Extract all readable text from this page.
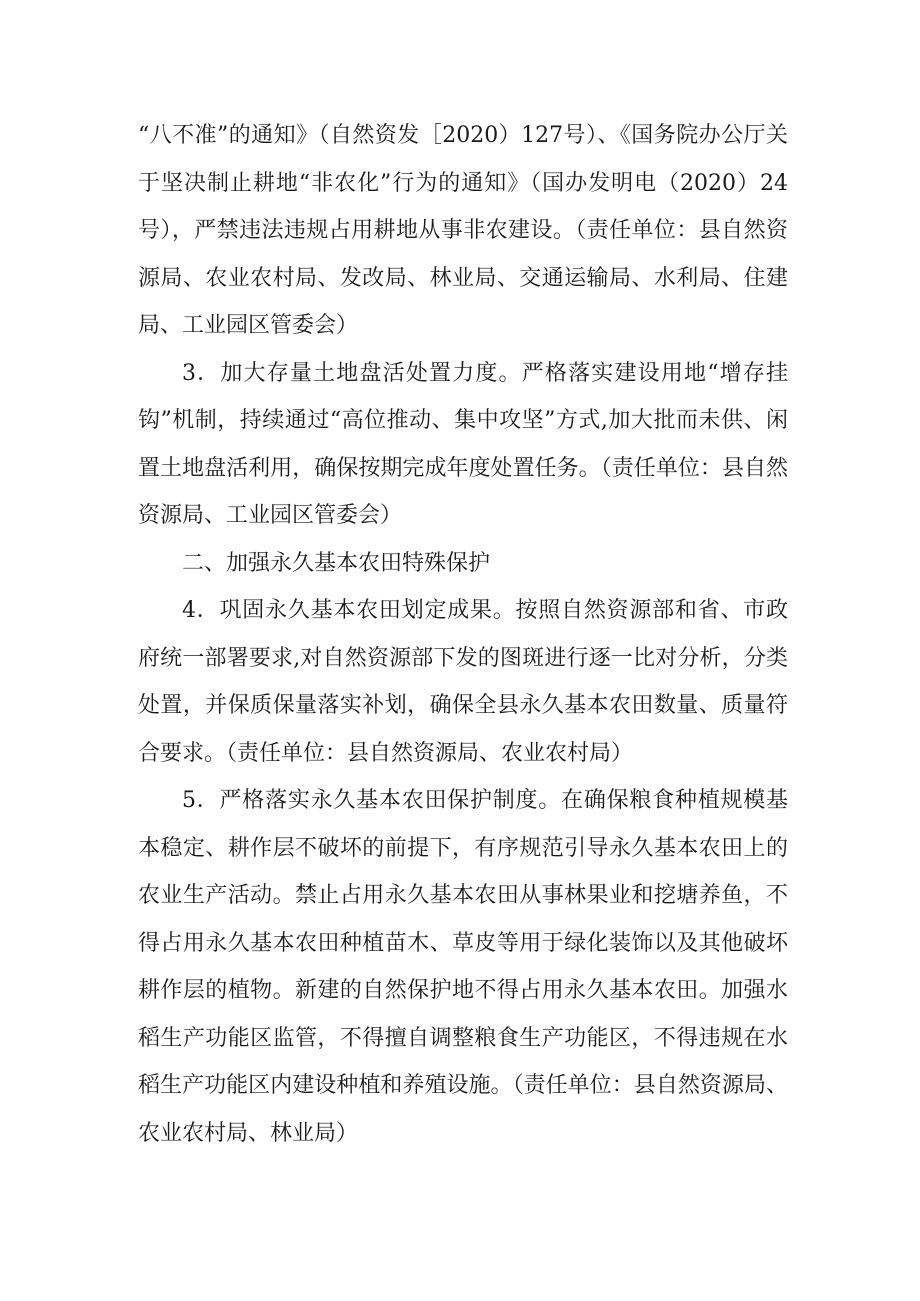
“八不准”的通知》（自然资发［2020）127号）、《国务院办公厅关于坚决制止耕地“非农化”行为的通知》（国办发明电（2020）24号），严禁违法违规占用耕地从事非农建设。（责任单位：县自然资源局、农业农村局、发改局、林业局、交通运输局、水利局、住建局、工业园区管委会）

3．加大存量土地盘活处置力度。严格落实建设用地“增存挂钩”机制，持续通过“高位推动、集中攻坚”方式,加大批而未供、闲置土地盘活利用，确保按期完成年度处置任务。（责任单位：县自然资源局、工业园区管委会）

二、加强永久基本农田特殊保护

4．巩固永久基本农田划定成果。按照自然资源部和省、市政府统一部署要求,对自然资源部下发的图斑进行逐一比对分析，分类处置，并保质保量落实补划，确保全县永久基本农田数量、质量符合要求。（责任单位：县自然资源局、农业农村局）

5．严格落实永久基本农田保护制度。在确保粮食种植规模基本稳定、耕作层不破坏的前提下，有序规范引导永久基本农田上的农业生产活动。禁止占用永久基本农田从事林果业和挖塘养鱼，不得占用永久基本农田种植苗木、草皮等用于绿化装饰以及其他破坏耕作层的植物。新建的自然保护地不得占用永久基本农田。加强水稻生产功能区监管，不得擅自调整粮食生产功能区，不得违规在水稻生产功能区内建设种植和养殖设施。（责任单位：县自然资源局、农业农村局、林业局）
